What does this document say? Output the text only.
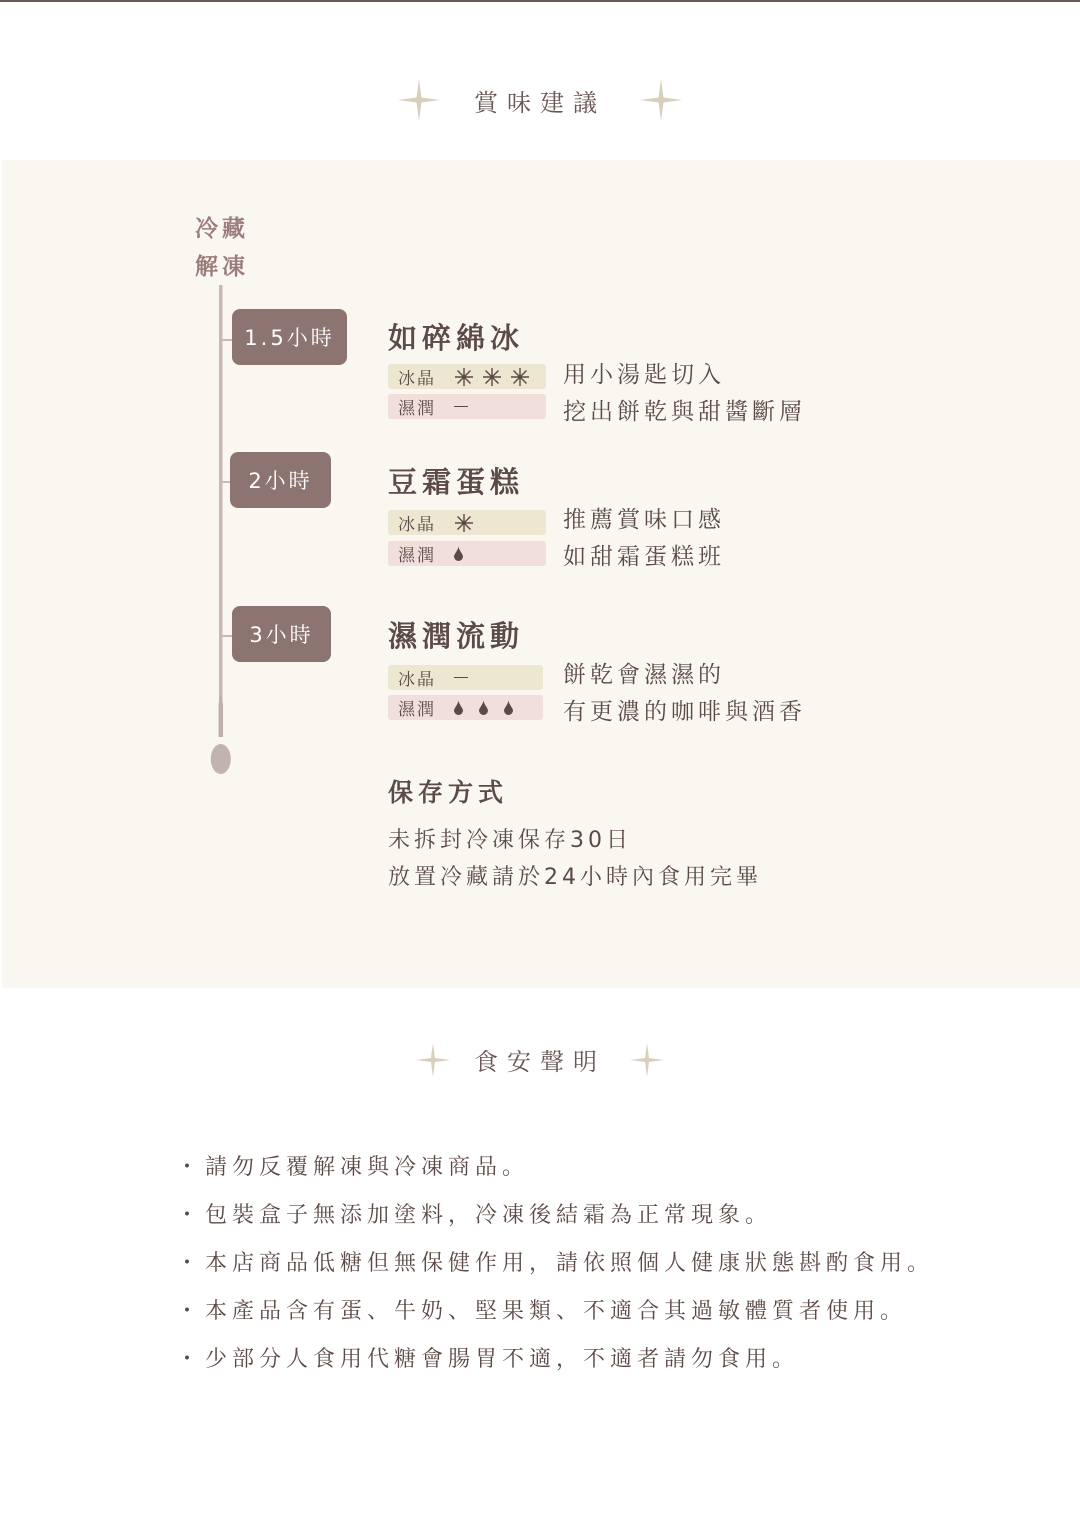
賞味建議
冷藏
解凍
1.5小時	如碎綿冰
冰晶
濕潤
用小湯匙切入
挖出餅乾與甜醬斷層
2小時	豆霜蛋糕
冰晶
濕潤
推薦賞味口感
如甜霜蛋糕班
3小時	濕潤流動
冰晶
濕潤
餅乾會濕濕的
有更濃的咖啡與酒香
保存方式
未拆封冷凍保存30日
放置冷藏請於24小時內食用完畢
食安聲明
・ 請勿反覆解凍與冷凍商品。
・ 包裝盒子無添加塗料，冷凍後結霜為正常現象。
・ 本店商品低糖但無保健作用，請依照個人健康狀態斟酌食用。
・ 本產品含有蛋、牛奶、堅果類、不適合其過敏體質者使用。
・ 少部分人食用代糖會腸胃不適，不適者請勿食用。
